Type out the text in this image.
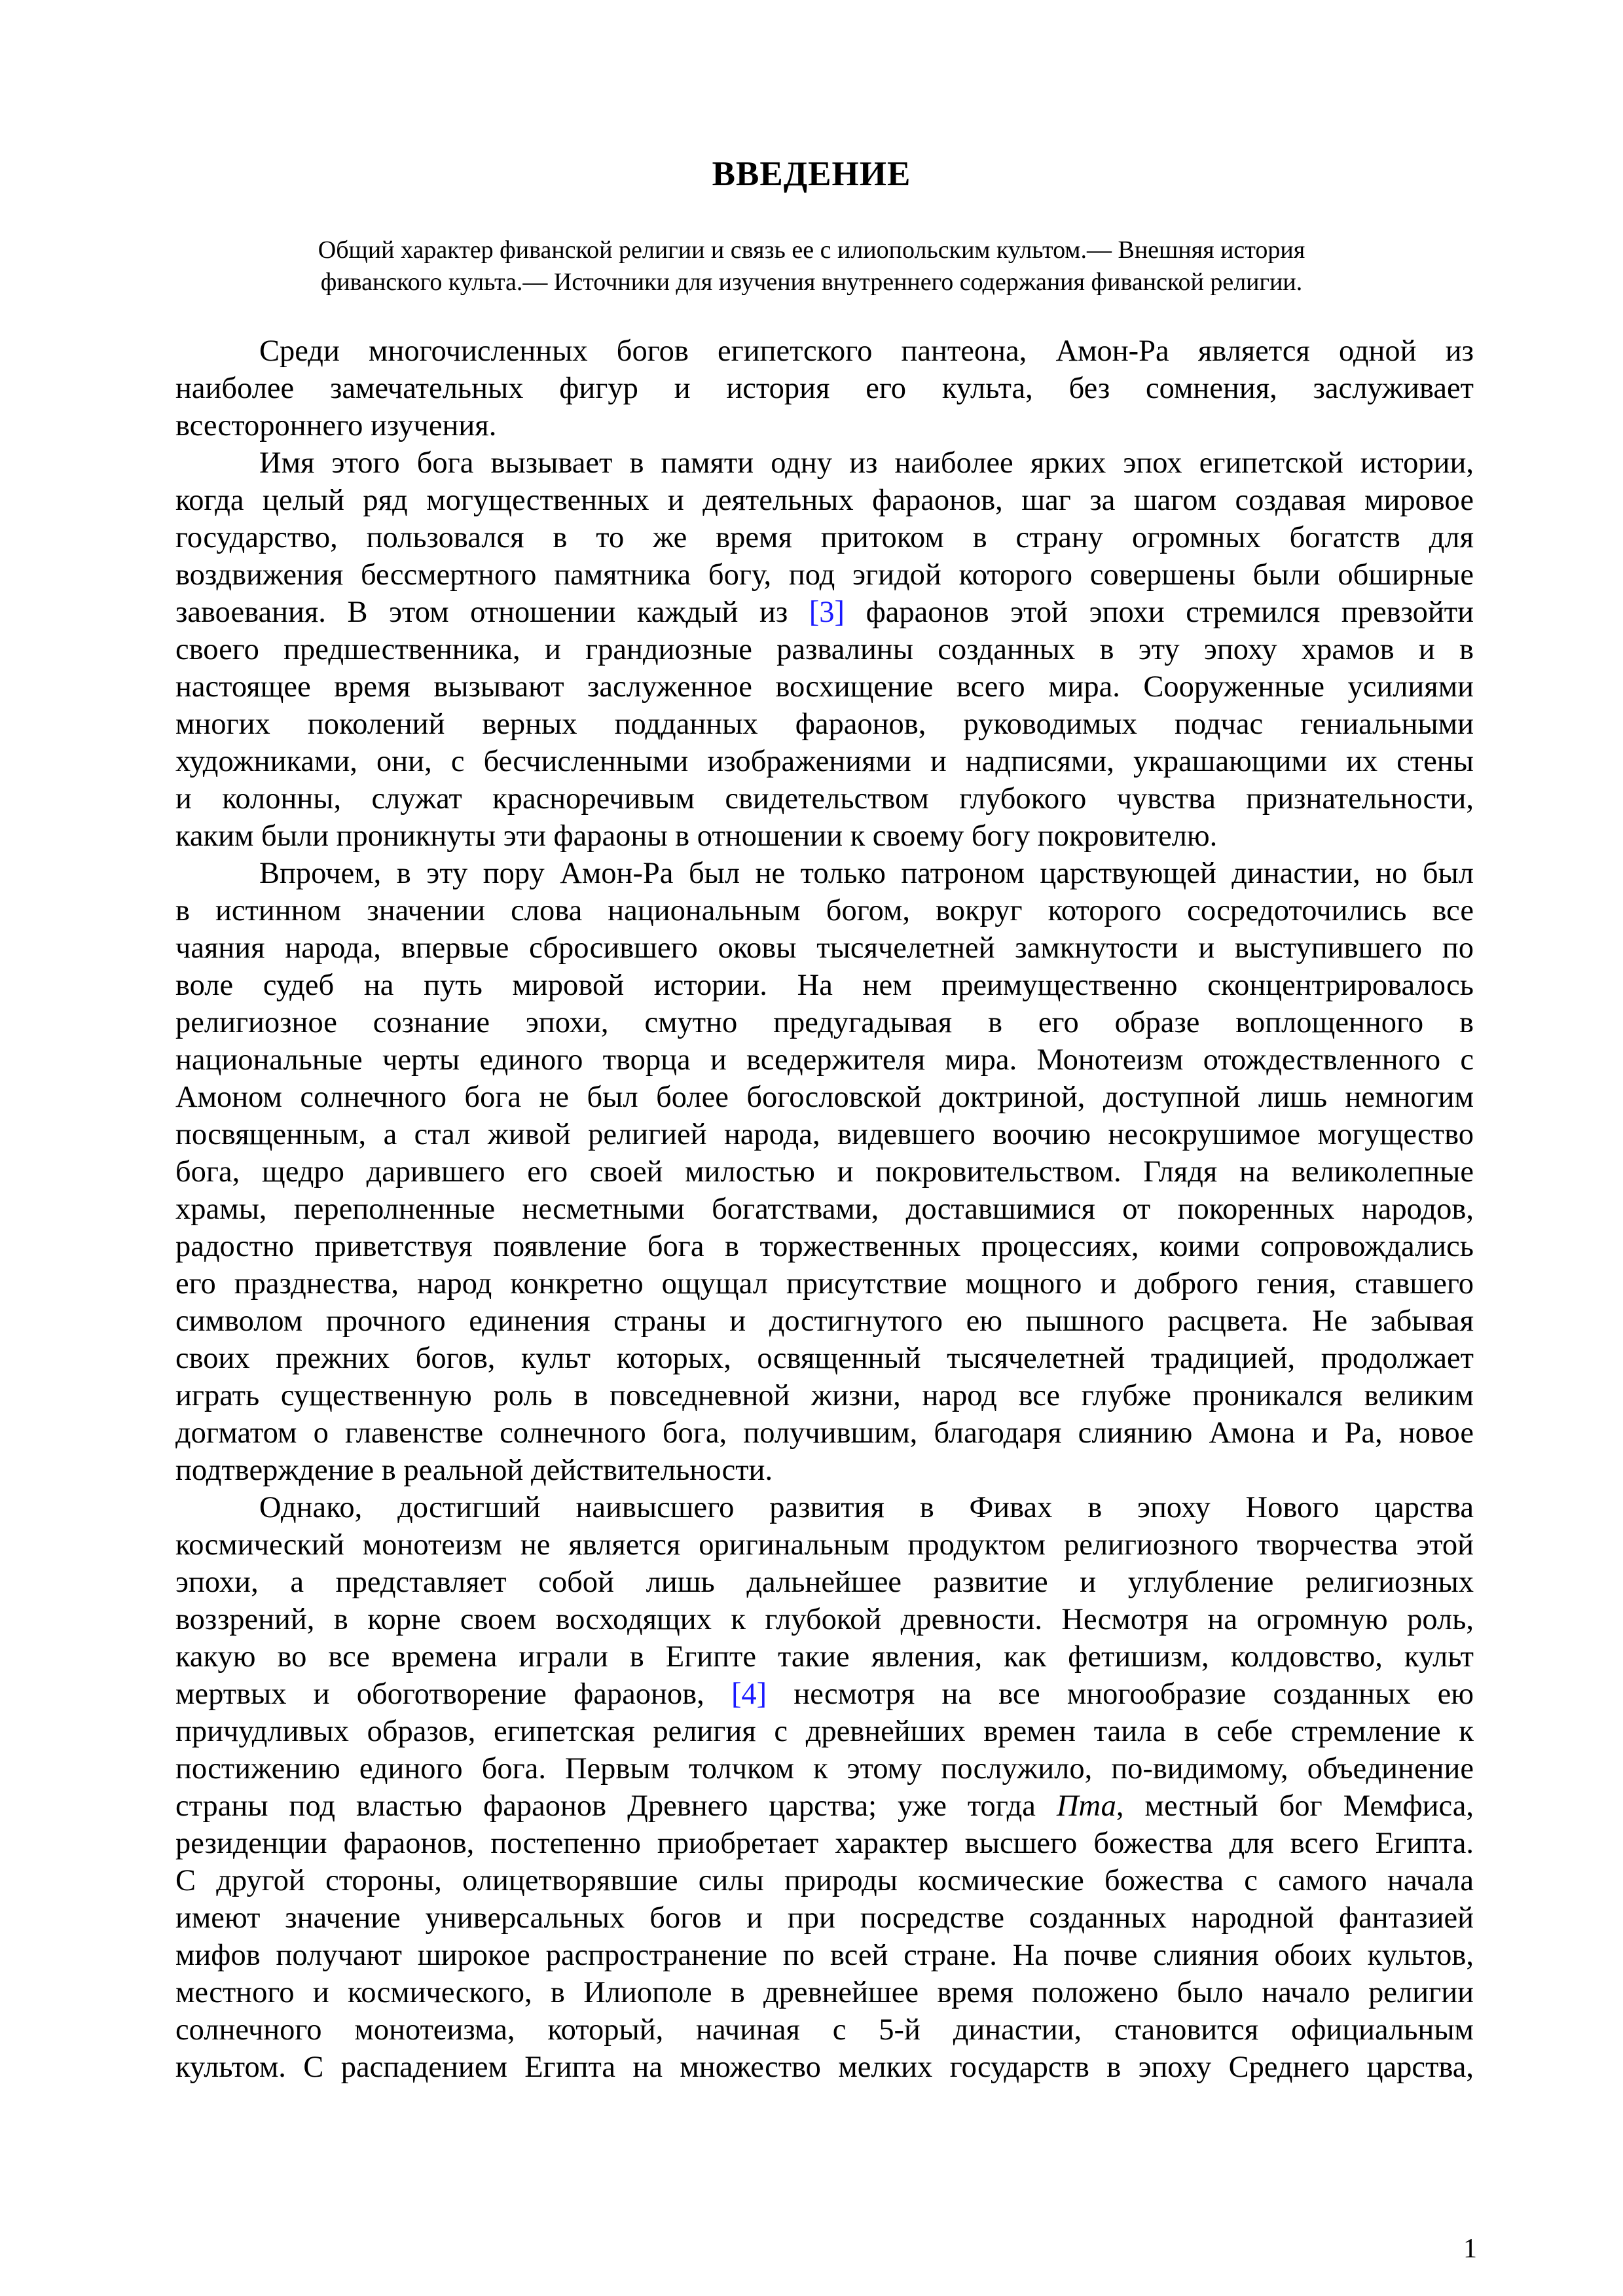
ВВЕДЕНИЕ
Общий характер фиванской религии и связь ее с илиопольским культом.— Внешняя история
фиванского культа.— Источники для изучения внутреннего содержания фиванской религии.

Среди многочисленных богов египетского пантеона, Амон-Ра является одной из
наиболее замечательных фигур и история его культа, без сомнения, заслуживает
всестороннего изучения.

Имя этого бога вызывает в памяти одну из наиболее ярких эпох египетской истории,
когда целый ряд могущественных и деятельных фараонов, шаг за шагом создавая мировое
государство, пользовался в то же время притоком в страну огромных богатств для
воздвижения бессмертного памятника богу, под эгидой которого совершены были обширные
завоевания. В этом отношении каждый из [3] фараонов этой эпохи стремился превзойти
своего предшественника, и грандиозные развалины созданных в эту эпоху храмов и в
настоящее время вызывают заслуженное восхищение всего мира. Сооруженные усилиями
многих поколений верных подданных фараонов, руководимых подчас гениальными
художниками, они, с бесчисленными изображениями и надписями, украшающими их стены
и колонны, служат красноречивым свидетельством глубокого чувства признательности,
каким были проникнуты эти фараоны в отношении к своему богу покровителю.

Впрочем, в эту пору Амон-Ра был не только патроном царствующей династии, но был
в истинном значении слова национальным богом, вокруг которого сосредоточились все
чаяния народа, впервые сбросившего оковы тысячелетней замкнутости и выступившего по
воле судеб на путь мировой истории. На нем преимущественно сконцентрировалось
религиозное сознание эпохи, смутно предугадывая в его образе воплощенного в
национальные черты единого творца и вседержителя мира. Монотеизм отождествленного с
Амоном солнечного бога не был более богословской доктриной, доступной лишь немногим
посвященным, а стал живой религией народа, видевшего воочию несокрушимое могущество
бога, щедро дарившего его своей милостью и покровительством. Глядя на великолепные
храмы, переполненные несметными богатствами, доставшимися от покоренных народов,
радостно приветствуя появление бога в торжественных процессиях, коими сопровождались
его празднества, народ конкретно ощущал присутствие мощного и доброго гения, ставшего
символом прочного единения страны и достигнутого ею пышного расцвета. Не забывая
своих прежних богов, культ которых, освященный тысячелетней традицией, продолжает
играть существенную роль в повседневной жизни, народ все глубже проникался великим
догматом о главенстве солнечного бога, получившим, благодаря слиянию Амона и Ра, новое
подтверждение в реальной действительности.

Однако, достигший наивысшего развития в Фивах в эпоху Нового царства
космический монотеизм не является оригинальным продуктом религиозного творчества этой
эпохи, а представляет собой лишь дальнейшее развитие и углубление религиозных
воззрений, в корне своем восходящих к глубокой древности. Несмотря на огромную роль,
какую во все времена играли в Египте такие явления, как фетишизм, колдовство, культ
мертвых и обоготворение фараонов, [4] несмотря на все многообразие созданных ею
причудливых образов, египетская религия с древнейших времен таила в себе стремление к
постижению единого бога. Первым толчком к этому послужило, по-видимому, объединение
страны под властью фараонов Древнего царства; уже тогда Пта, местный бог Мемфиса,
резиденции фараонов, постепенно приобретает характер высшего божества для всего Египта.
С другой стороны, олицетворявшие силы природы космические божества с самого начала
имеют значение универсальных богов и при посредстве созданных народной фантазией
мифов получают широкое распространение по всей стране. На почве слияния обоих культов,
местного и космического, в Илиополе в древнейшее время положено было начало религии
солнечного монотеизма, который, начиная с 5-й династии, становится официальным
культом. С распадением Египта на множество мелких государств в эпоху Среднего царства,

1
